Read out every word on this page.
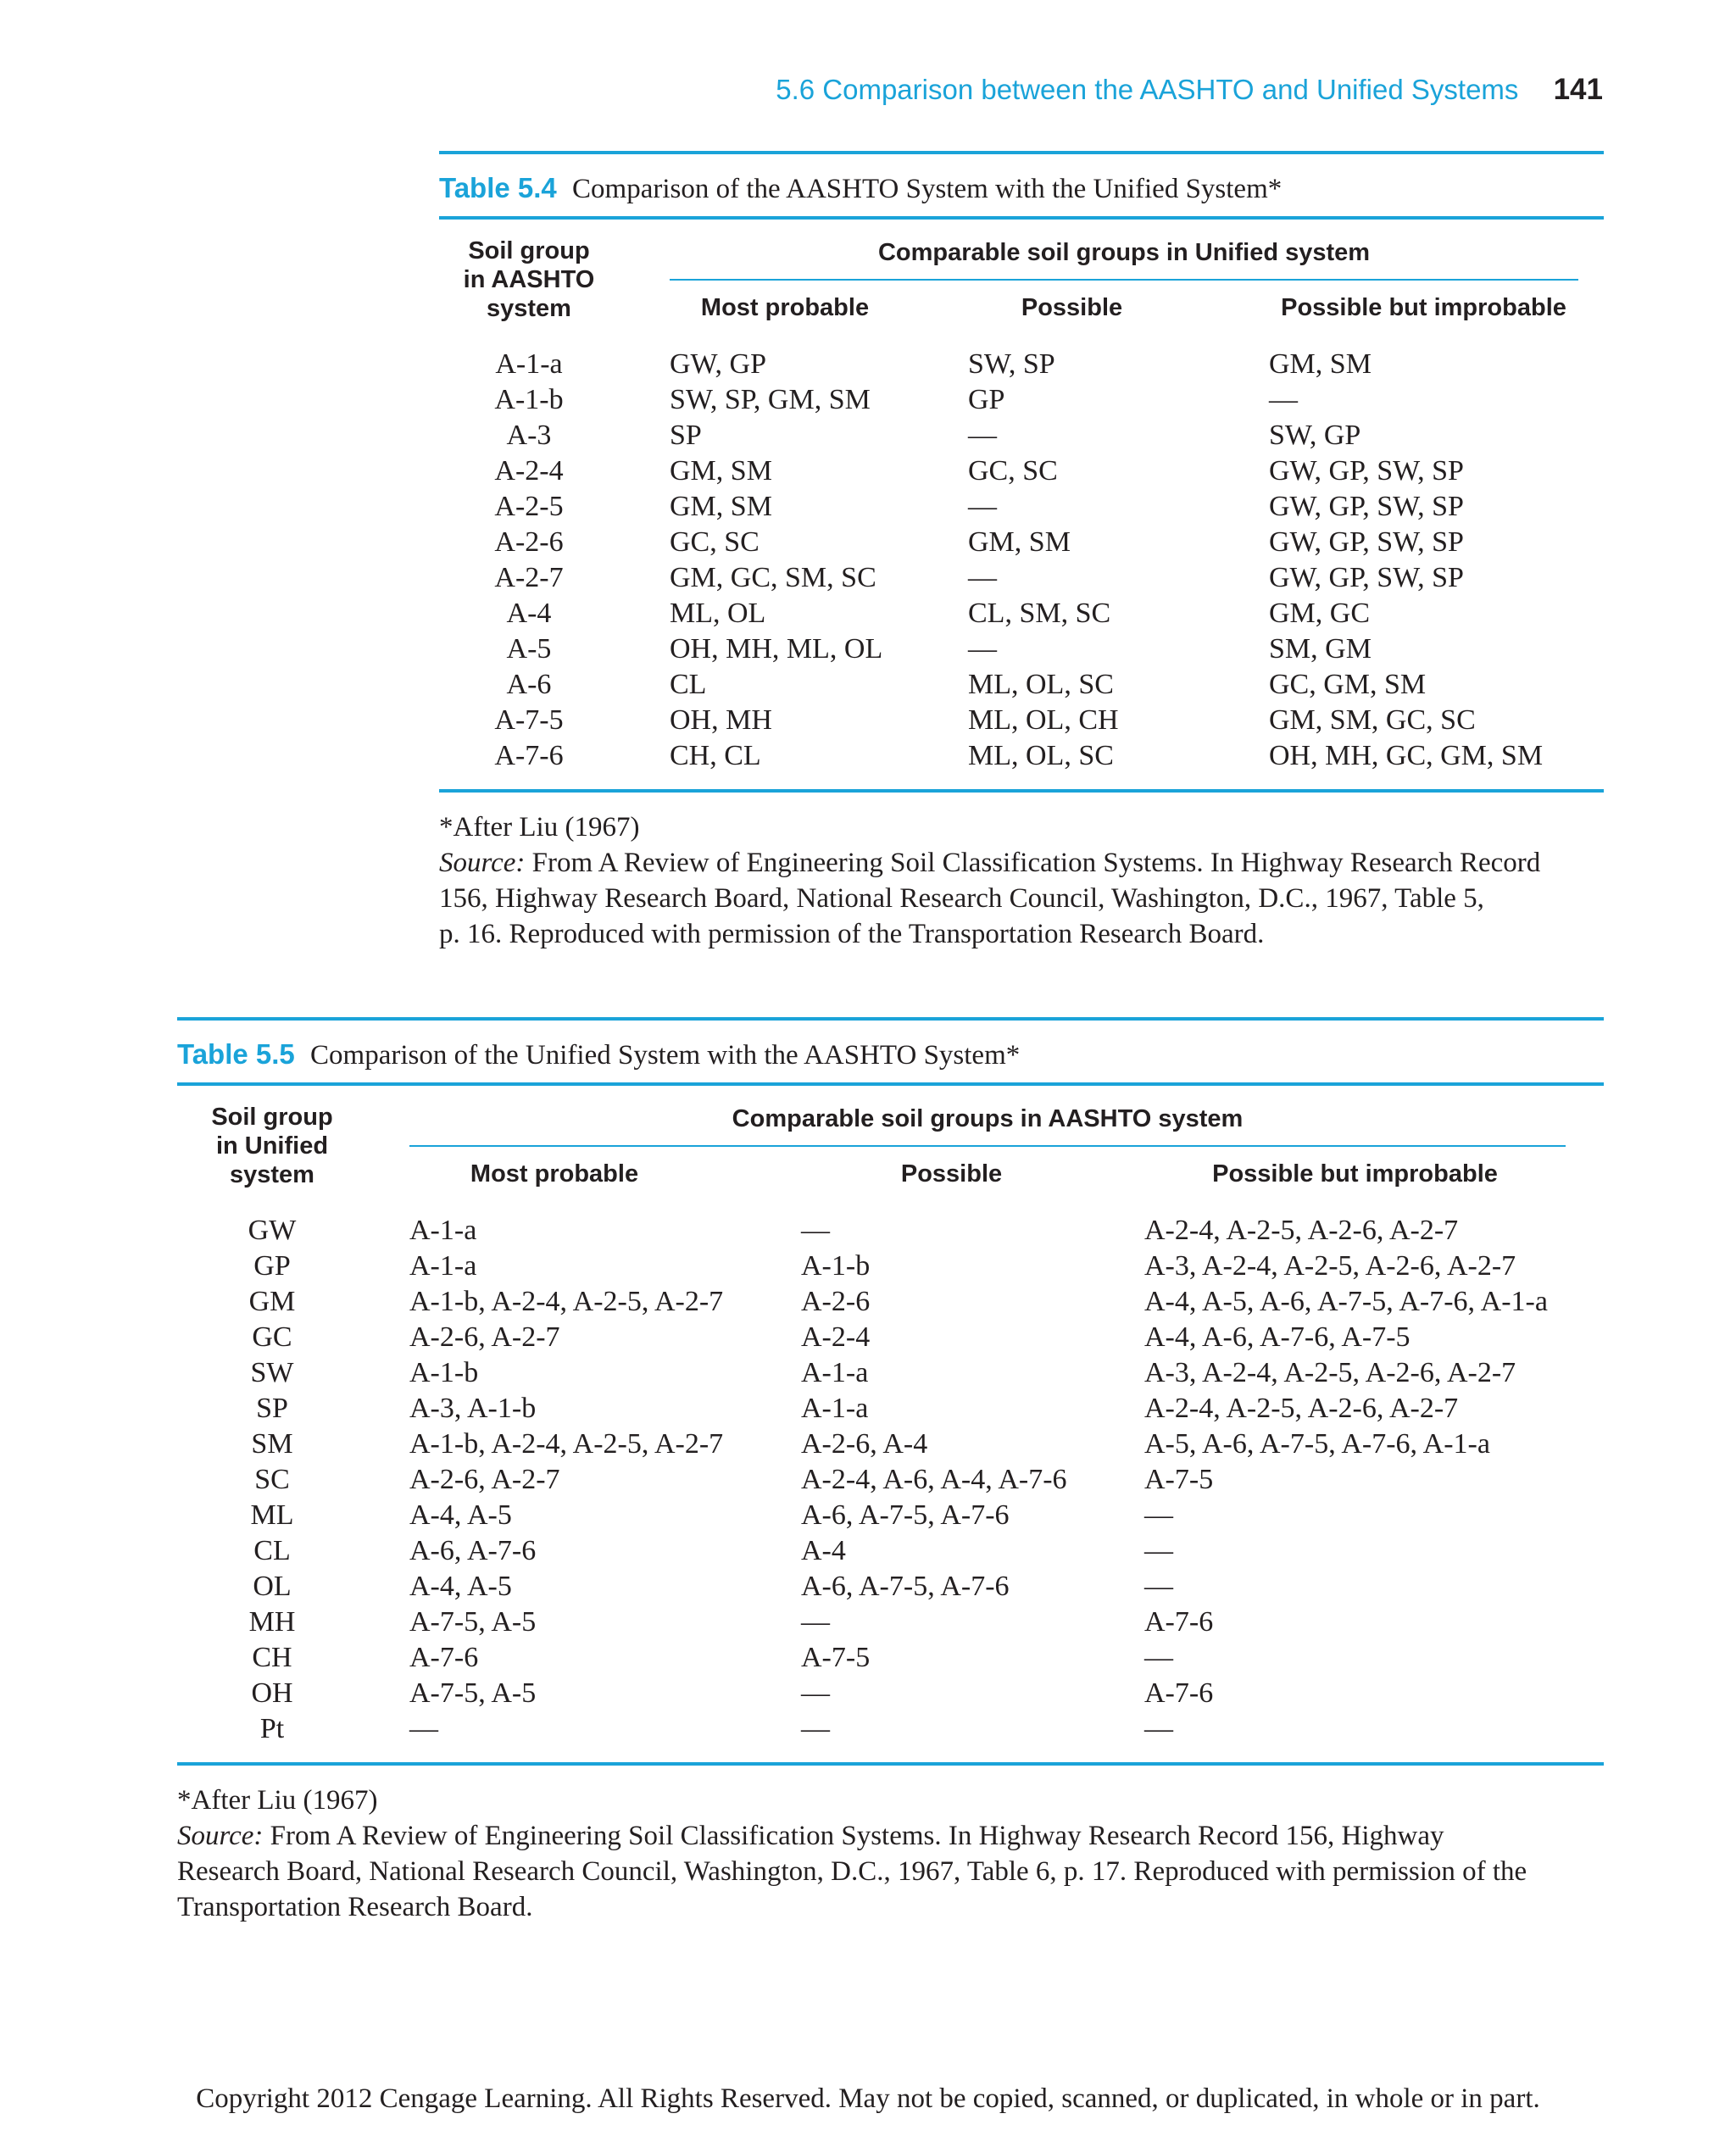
5.6 Comparison between the AASHTO and Unified Systems 141
Table 5.4 Comparison of the AASHTO System with the Unified System*
Soil group
in AASHTO
system	Comparable soil groups in Unified system		

	Most probable	Possible	Possible but improbable
A-1-a	GW, GP	SW, SP	GM, SM
A-1-b	SW, SP, GM, SM	GP	—
A-3	SP	—	SW, GP
A-2-4	GM, SM	GC, SC	GW, GP, SW, SP
A-2-5	GM, SM	—	GW, GP, SW, SP
A-2-6	GC, SC	GM, SM	GW, GP, SW, SP
A-2-7	GM, GC, SM, SC	—	GW, GP, SW, SP
A-4	ML, OL	CL, SM, SC	GM, GC
A-5	OH, MH, ML, OL	—	SM, GM
A-6	CL	ML, OL, SC	GC, GM, SM
A-7-5	OH, MH	ML, OL, CH	GM, SM, GC, SC
A-7-6	CH, CL	ML, OL, SC	OH, MH, GC, GM, SM
*After Liu (1967)
Source: From A Review of Engineering Soil Classification Systems. In Highway Research Record
156, Highway Research Board, National Research Council, Washington, D.C., 1967, Table 5,
p. 16. Reproduced with permission of the Transportation Research Board.
Table 5.5 Comparison of the Unified System with the AASHTO System*
Soil group
in Unified
system	Comparable soil groups in AASHTO system		

	Most probable	Possible	Possible but improbable
GW	A-1-a	—	A-2-4, A-2-5, A-2-6, A-2-7
GP	A-1-a	A-1-b	A-3, A-2-4, A-2-5, A-2-6, A-2-7
GM	A-1-b, A-2-4, A-2-5, A-2-7	A-2-6	A-4, A-5, A-6, A-7-5, A-7-6, A-1-a
GC	A-2-6, A-2-7	A-2-4	A-4, A-6, A-7-6, A-7-5
SW	A-1-b	A-1-a	A-3, A-2-4, A-2-5, A-2-6, A-2-7
SP	A-3, A-1-b	A-1-a	A-2-4, A-2-5, A-2-6, A-2-7
SM	A-1-b, A-2-4, A-2-5, A-2-7	A-2-6, A-4	A-5, A-6, A-7-5, A-7-6, A-1-a
SC	A-2-6, A-2-7	A-2-4, A-6, A-4, A-7-6	A-7-5
ML	A-4, A-5	A-6, A-7-5, A-7-6	—
CL	A-6, A-7-6	A-4	—
OL	A-4, A-5	A-6, A-7-5, A-7-6	—
MH	A-7-5, A-5	—	A-7-6
CH	A-7-6	A-7-5	—
OH	A-7-5, A-5	—	A-7-6
Pt	—	—	—
*After Liu (1967)
Source: From A Review of Engineering Soil Classification Systems. In Highway Research Record 156, Highway
Research Board, National Research Council, Washington, D.C., 1967, Table 6, p. 17. Reproduced with permission of the
Transportation Research Board.
Copyright 2012 Cengage Learning. All Rights Reserved. May not be copied, scanned, or duplicated, in whole or in part.
